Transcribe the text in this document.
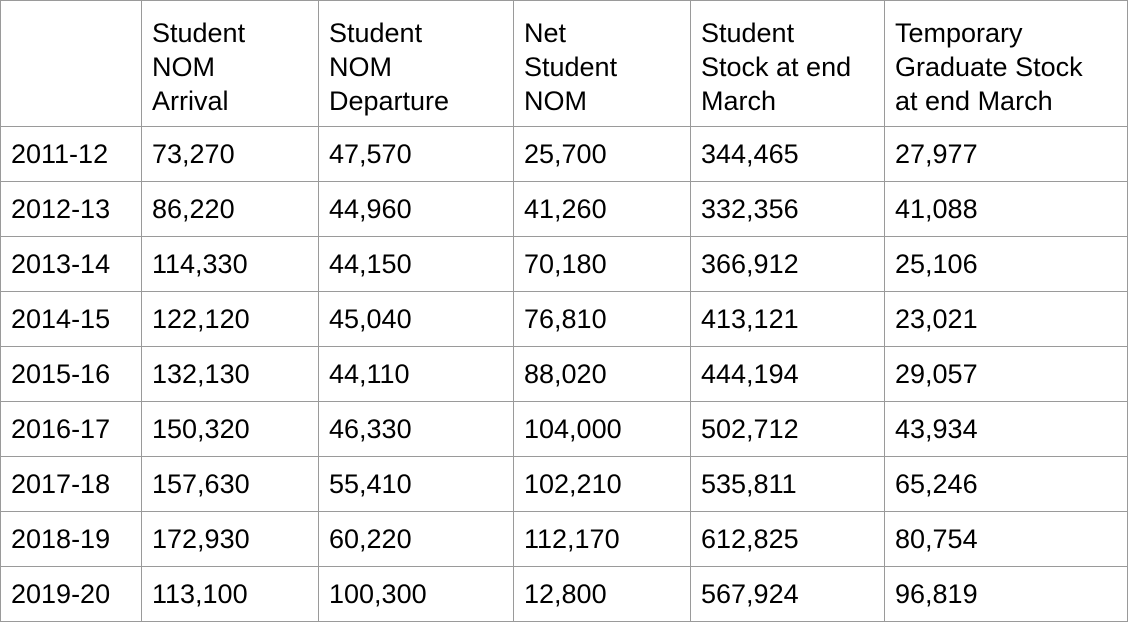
	Student
NOM
Arrival	Student
NOM
Departure	Net
Student
NOM	Student
Stock at end
March	Temporary
Graduate Stock
at end March

2011-12	73,270	47,570	25,700	344,465	27,977
2012-13	86,220	44,960	41,260	332,356	41,088
2013-14	114,330	44,150	70,180	366,912	25,106
2014-15	122,120	45,040	76,810	413,121	23,021
2015-16	132,130	44,110	88,020	444,194	29,057
2016-17	150,320	46,330	104,000	502,712	43,934
2017-18	157,630	55,410	102,210	535,811	65,246
2018-19	172,930	60,220	112,170	612,825	80,754
2019-20	113,100	100,300	12,800	567,924	96,819
